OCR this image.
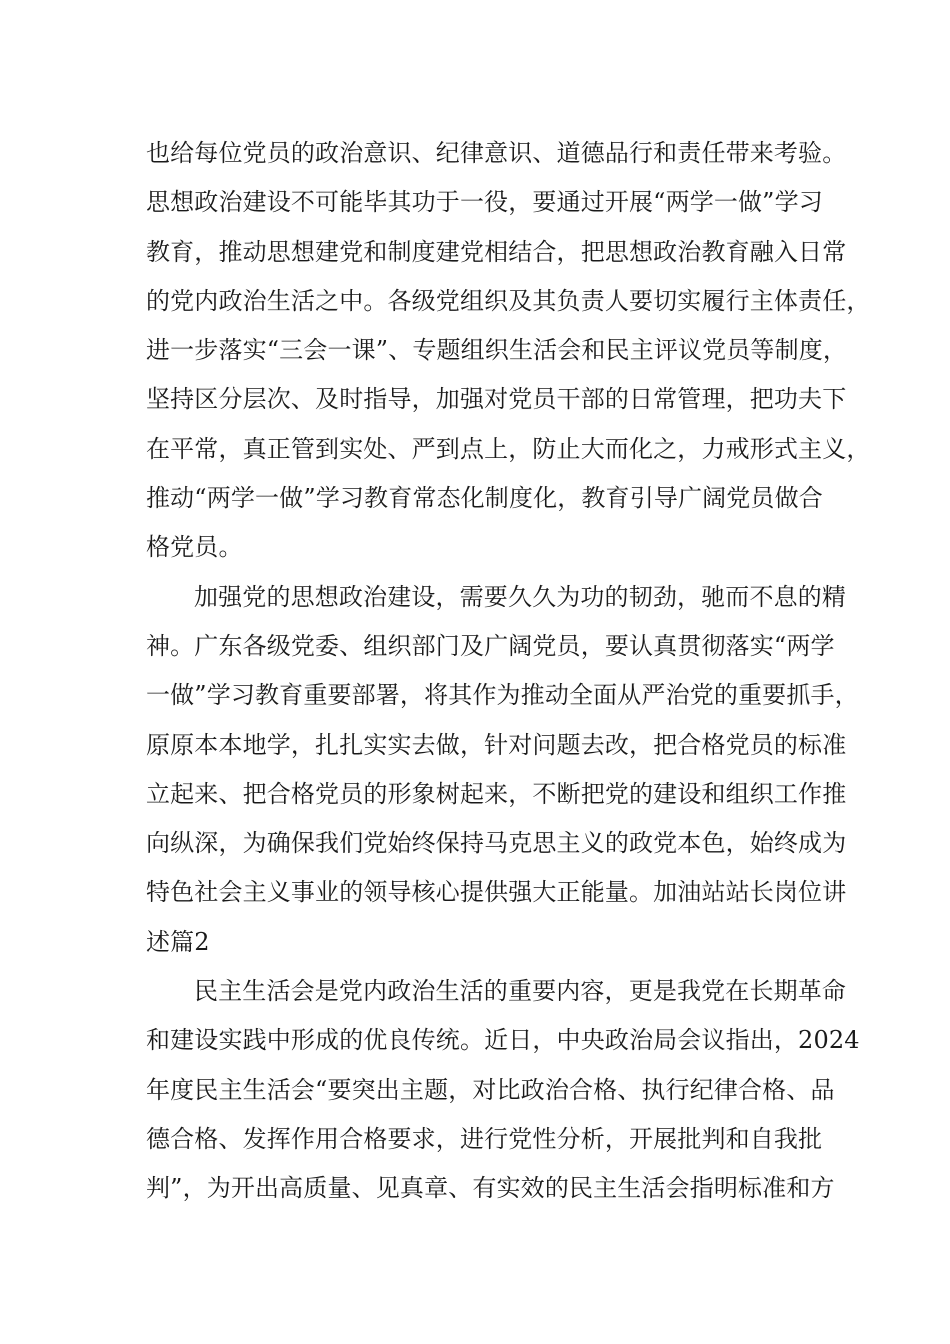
也给每位党员的政治意识、纪律意识、道德品行和责任带来考验。
思想政治建设不可能毕其功于一役，要通过开展“两学一做”学习
教育，推动思想建党和制度建党相结合，把思想政治教育融入日常
的党内政治生活之中。各级党组织及其负责人要切实履行主体责任，
进一步落实“三会一课”、专题组织生活会和民主评议党员等制度，
坚持区分层次、及时指导，加强对党员干部的日常管理，把功夫下
在平常，真正管到实处、严到点上，防止大而化之，力戒形式主义，
推动“两学一做”学习教育常态化制度化，教育引导广阔党员做合
格党员。
加强党的思想政治建设，需要久久为功的韧劲，驰而不息的精
神。广东各级党委、组织部门及广阔党员，要认真贯彻落实“两学
一做”学习教育重要部署，将其作为推动全面从严治党的重要抓手，
原原本本地学，扎扎实实去做，针对问题去改，把合格党员的标准
立起来、把合格党员的形象树起来，不断把党的建设和组织工作推
向纵深，为确保我们党始终保持马克思主义的政党本色，始终成为
特色社会主义事业的领导核心提供强大正能量。加油站站长岗位讲
述篇2
民主生活会是党内政治生活的重要内容，更是我党在长期革命
和建设实践中形成的优良传统。近日，中央政治局会议指出，2024
年度民主生活会“要突出主题，对比政治合格、执行纪律合格、品
德合格、发挥作用合格要求，进行党性分析，开展批判和自我批
判”，为开出高质量、见真章、有实效的民主生活会指明标准和方
